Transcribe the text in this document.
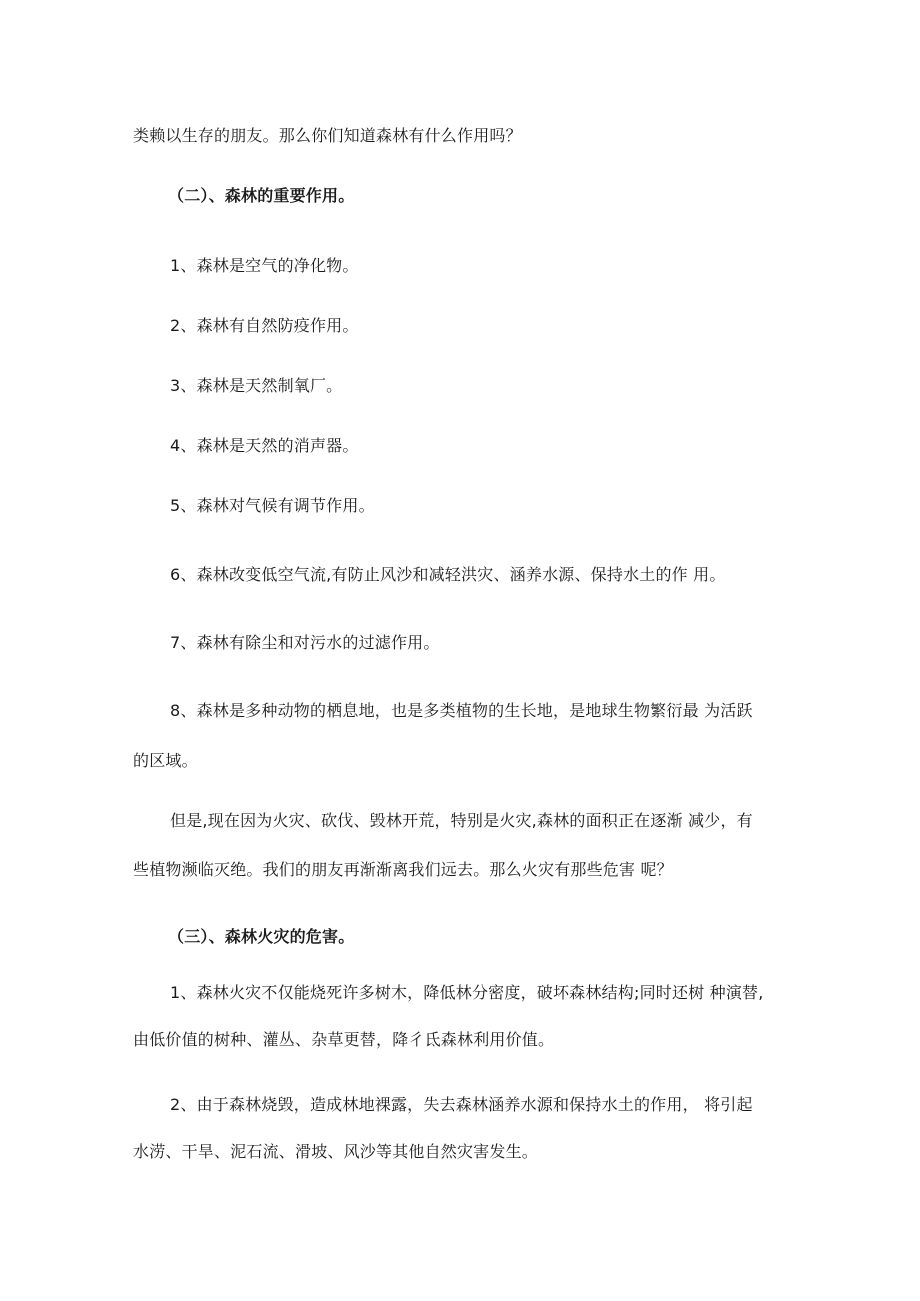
类赖以生存的朋友。那么你们知道森林有什么作用吗？
（二）、森林的重要作用。
1、森林是空气的净化物。
2、森林有自然防疫作用。
3、森林是天然制氧厂。
4、森林是天然的消声器。
5、森林对气候有调节作用。
6、森林改变低空气流,有防止风沙和减轻洪灾、涵养水源、保持水土的作 用。
7、森林有除尘和对污水的过滤作用。
8、森林是多种动物的栖息地，也是多类植物的生长地，是地球生物繁衍最 为活跃
的区域。
但是,现在因为火灾、砍伐、毁林开荒，特别是火灾,森林的面积正在逐渐 减少，有
些植物濒临灭绝。我们的朋友再渐渐离我们远去。那么火灾有那些危害 呢？
（三）、森林火灾的危害。
1、森林火灾不仅能烧死许多树木，降低林分密度，破坏森林结构;同时还树 种演替,
由低价值的树种、灌丛、杂草更替，降彳氐森林利用价值。
2、由于森林烧毁，造成林地裸露，失去森林涵养水源和保持水土的作用， 将引起
水涝、干旱、泥石流、滑坡、风沙等其他自然灾害发生。
